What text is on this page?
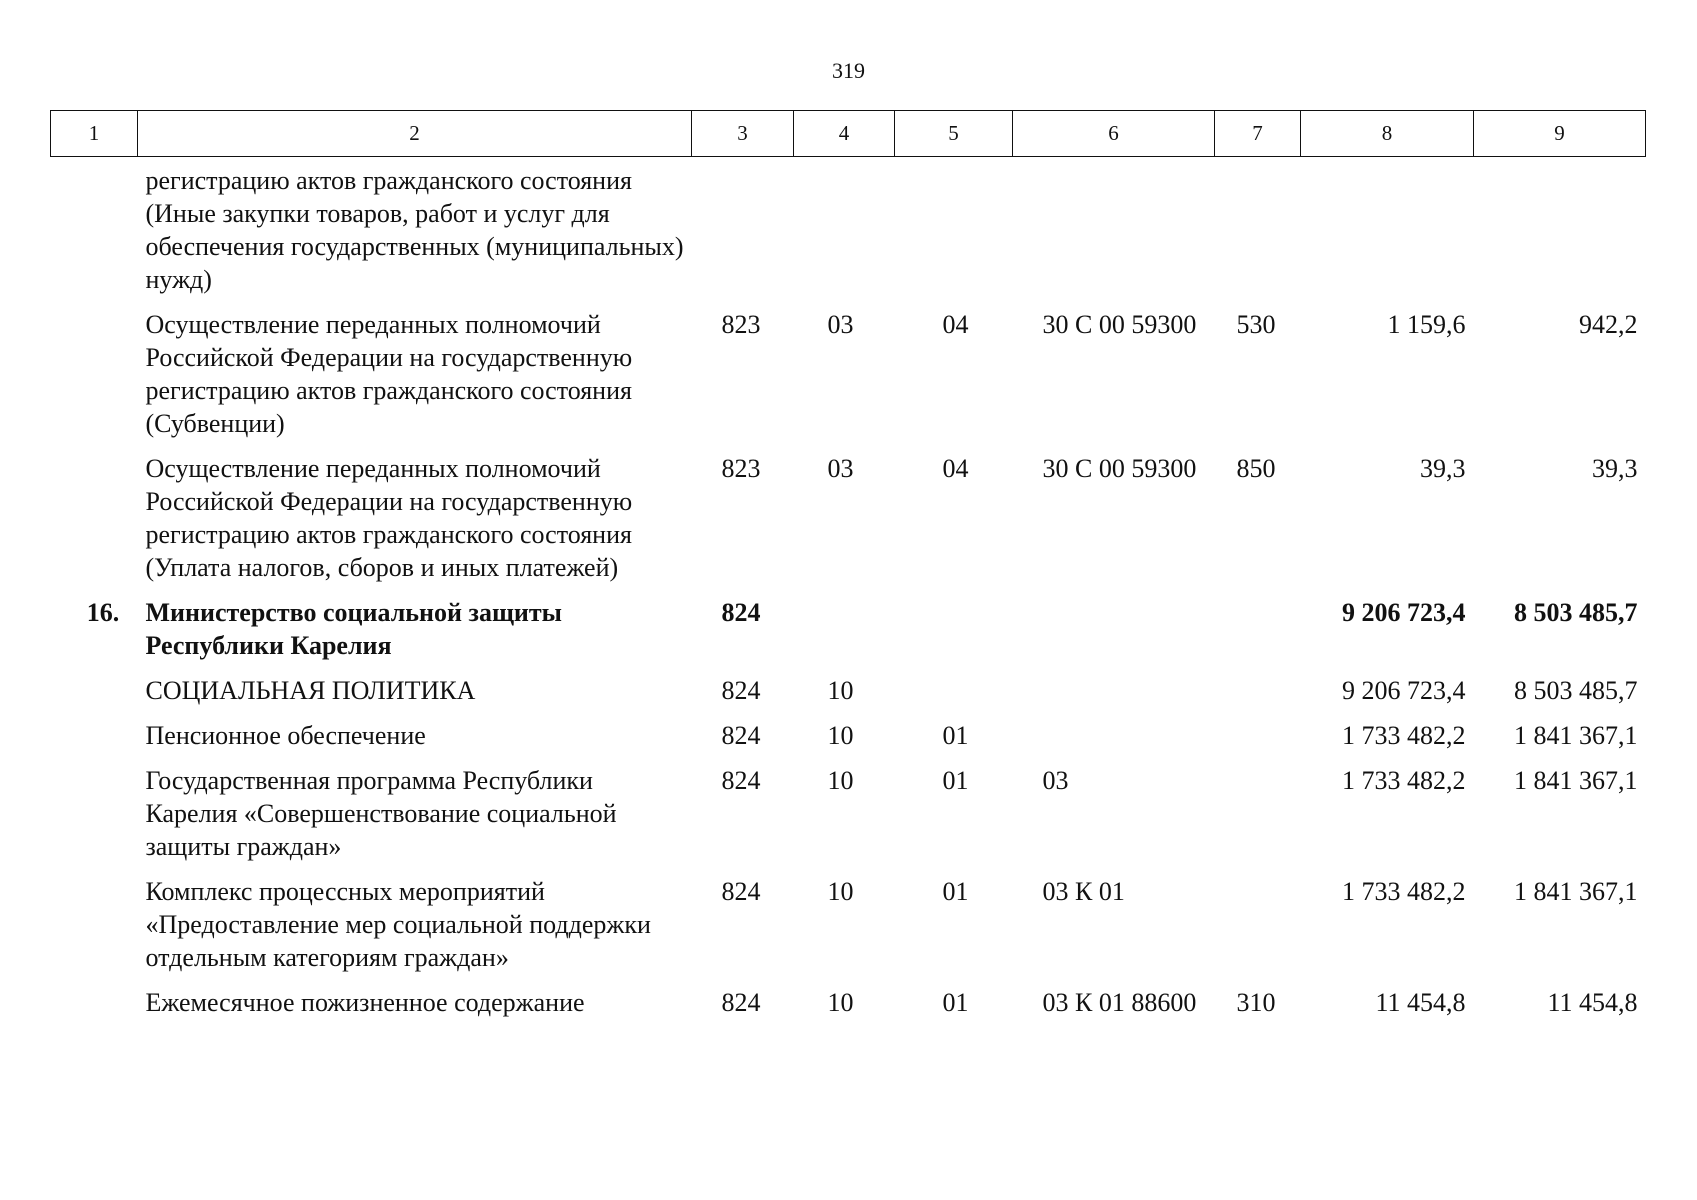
319
1	2	3	4	5	6	7	8	9
	регистрацию актов гражданского состояния (Иные закупки товаров, работ и услуг для обеспечения государственных (муниципальных) нужд)							
	Осуществление переданных полномочий Российской Федерации на государственную регистрацию актов гражданского состояния (Субвенции)	823	03	04	30 С 00 59300	530	1 159,6	942,2
	Осуществление переданных полномочий Российской Федерации на государственную регистрацию актов гражданского состояния (Уплата налогов, сборов и иных платежей)	823	03	04	30 С 00 59300	850	39,3	39,3
16.	Министерство социальной защиты Республики Карелия	824					9 206 723,4	8 503 485,7
	СОЦИАЛЬНАЯ ПОЛИТИКА	824	10				9 206 723,4	8 503 485,7
	Пенсионное обеспечение	824	10	01			1 733 482,2	1 841 367,1
	Государственная программа Республики Карелия «Совершенствование социальной защиты граждан»	824	10	01	03		1 733 482,2	1 841 367,1
	Комплекс процессных мероприятий «Предоставление мер социальной поддержки отдельным категориям граждан»	824	10	01	03 К 01		1 733 482,2	1 841 367,1
	Ежемесячное пожизненное содержание	824	10	01	03 К 01 88600	310	11 454,8	11 454,8
